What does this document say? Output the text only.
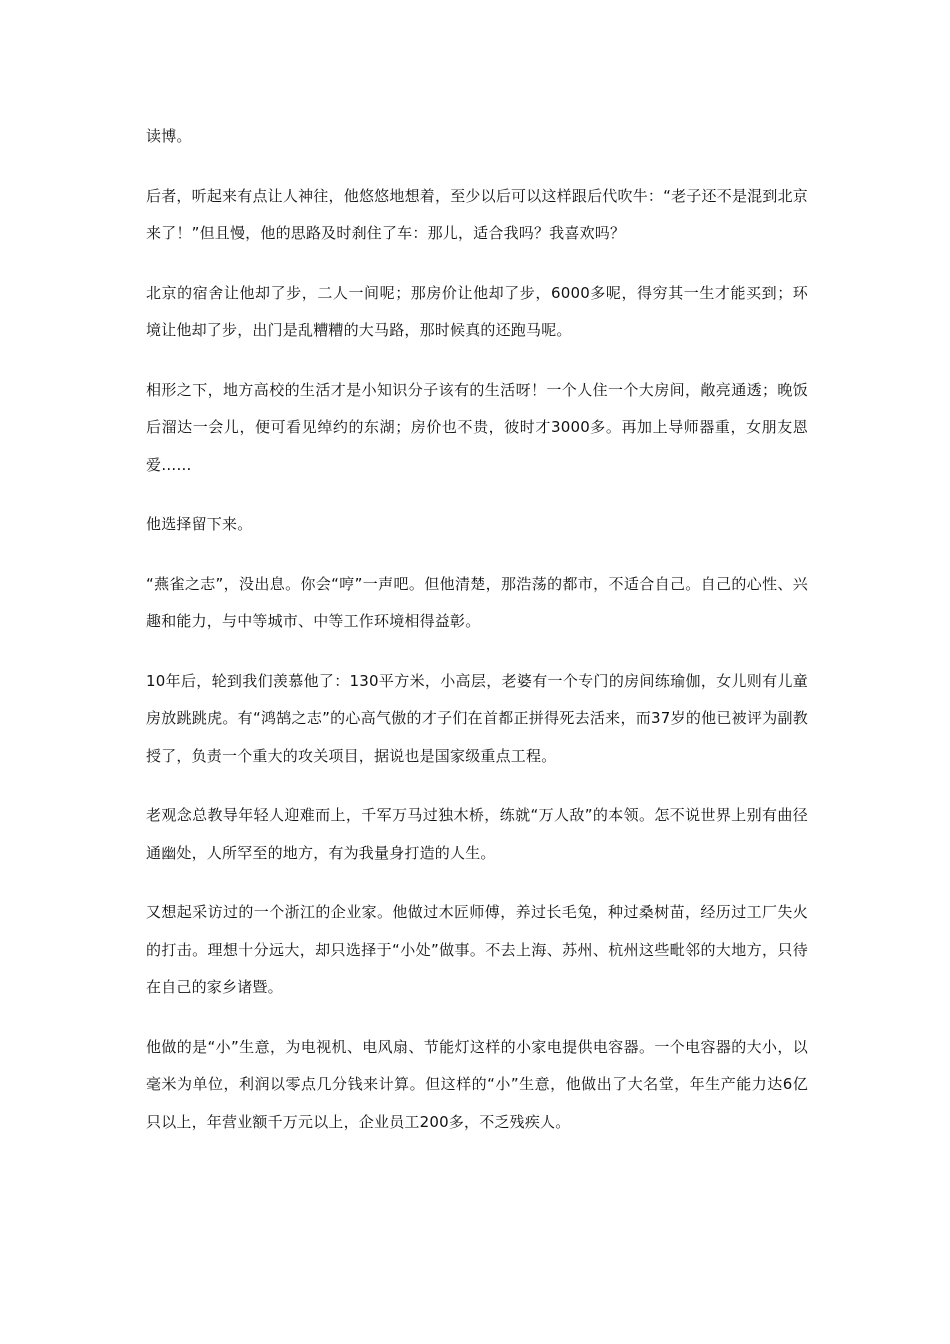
读博。

后者，听起来有点让人神往，他悠悠地想着，至少以后可以这样跟后代吹牛：“老子还不是混到北京来了！”但且慢，他的思路及时刹住了车：那儿，适合我吗？我喜欢吗？

北京的宿舍让他却了步，二人一间呢；那房价让他却了步，6000多呢，得穷其一生才能买到；环境让他却了步，出门是乱糟糟的大马路，那时候真的还跑马呢。

相形之下，地方高校的生活才是小知识分子该有的生活呀！一个人住一个大房间，敞亮通透；晚饭后溜达一会儿，便可看见绰约的东湖；房价也不贵，彼时才3000多。再加上导师器重，女朋友恩爱……

他选择留下来。

“燕雀之志”，没出息。你会“哼”一声吧。但他清楚，那浩荡的都市，不适合自己。自己的心性、兴趣和能力，与中等城市、中等工作环境相得益彰。

10年后，轮到我们羡慕他了：130平方米，小高层，老婆有一个专门的房间练瑜伽，女儿则有儿童房放跳跳虎。有“鸿鹄之志”的心高气傲的才子们在首都正拼得死去活来，而37岁的他已被评为副教授了，负责一个重大的攻关项目，据说也是国家级重点工程。

老观念总教导年轻人迎难而上，千军万马过独木桥，练就“万人敌”的本领。怎不说世界上别有曲径通幽处，人所罕至的地方，有为我量身打造的人生。

又想起采访过的一个浙江的企业家。他做过木匠师傅，养过长毛兔，种过桑树苗，经历过工厂失火的打击。理想十分远大，却只选择于“小处”做事。不去上海、苏州、杭州这些毗邻的大地方，只待在自己的家乡诸暨。

他做的是“小”生意，为电视机、电风扇、节能灯这样的小家电提供电容器。一个电容器的大小，以毫米为单位，利润以零点几分钱来计算。但这样的“小”生意，他做出了大名堂，年生产能力达6亿只以上，年营业额千万元以上，企业员工200多，不乏残疾人。
